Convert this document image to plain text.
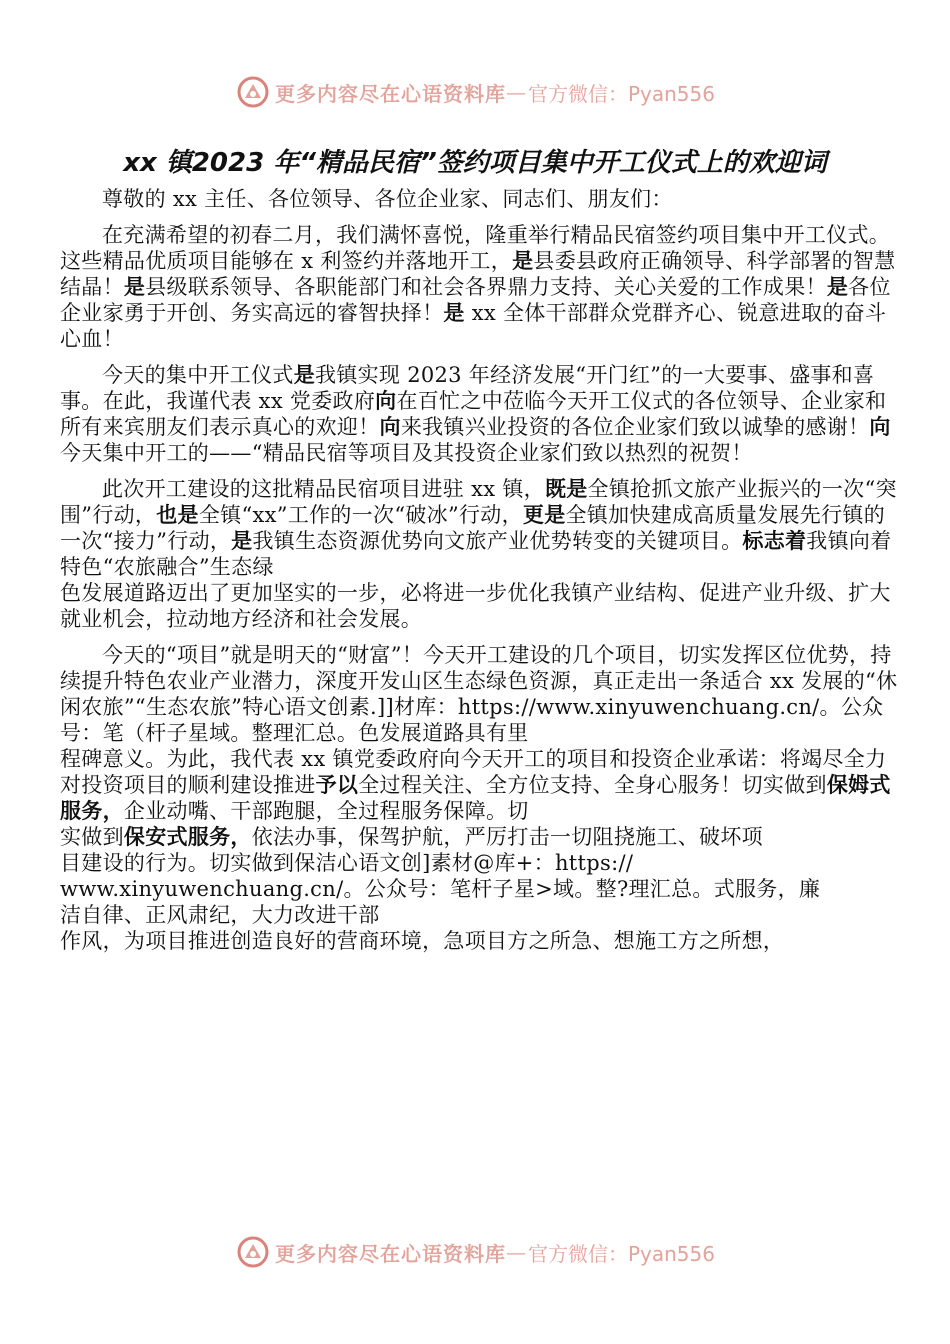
更多内容尽在心语资料库 — 官方微信：Pyan556
xx 镇2023 年“精品民宿”签约项目集中开工仪式上的欢迎词

尊敬的 xx 主任、各位领导、各位企业家、同志们、朋友们：

在充满希望的初春二月，我们满怀喜悦，隆重举行精品民宿签约项目集中开工仪式。这些精品优质项目能够在 x 利签约并落地开工，是县委县政府正确领导、科学部署的智慧结晶！是县级联系领导、各职能部门和社会各界鼎力支持、关心关爱的工作成果！是各位企业家勇于开创、务实高远的睿智抉择！是 xx 全体干部群众党群齐心、锐意进取的奋斗心血！

今天的集中开工仪式是我镇实现 2023 年经济发展“开门红”的一大要事、盛事和喜事。在此，我谨代表 xx 党委政府向在百忙之中莅临今天开工仪式的各位领导、企业家和所有来宾朋友们表示真心的欢迎！向来我镇兴业投资的各位企业家们致以诚挚的感谢！向今天集中开工的——“精品民宿等项目及其投资企业家们致以热烈的祝贺！

此次开工建设的这批精品民宿项目进驻 xx 镇，既是全镇抢抓文旅产业振兴的一次“突围”行动，也是全镇“xx”工作的一次“破冰”行动，更是全镇加快建成高质量发展先行镇的一次“接力”行动，是我镇生态资源优势向文旅产业优势转变的关键项目。标志着我镇向着特色“农旅融合”生态绿

色发展道路迈出了更加坚实的一步，必将进一步优化我镇产业结构、促进产业升级、扩大就业机会，拉动地方经济和社会发展。

今天的“项目”就是明天的“财富”！今天开工建设的几个项目，切实发挥区位优势，持续提升特色农业产业潜力，深度开发山区生态绿色资源，真正走出一条适合 xx 发展的“休闲农旅”“生态农旅”特心语文创素.]]材库：https://www.xinyuwenchuang.cn/。公众号：笔（杆子星域。整理汇总。色发展道路具有里

程碑意义。为此，我代表 xx 镇党委政府向今天开工的项目和投资企业承诺：将竭尽全力对投资项目的顺利建设推进予以全过程关注、全方位支持、全身心服务！切实做到保姆式服务，企业动嘴、干部跑腿，全过程服务保障。切

实做到保安式服务，依法办事，保驾护航，严厉打击一切阻挠施工、破坏项

目建设的行为。切实做到保洁心语文创]素材@库+：https://

www.xinyuwenchuang.cn/。公众号：笔杆子星>域。整?理汇总。式服务，廉

洁自律、正风肃纪，大力改进干部

作风，为项目推进创造良好的营商环境，急项目方之所急、想施工方之所想，

更多内容尽在心语资料库 — 官方微信：Pyan556
